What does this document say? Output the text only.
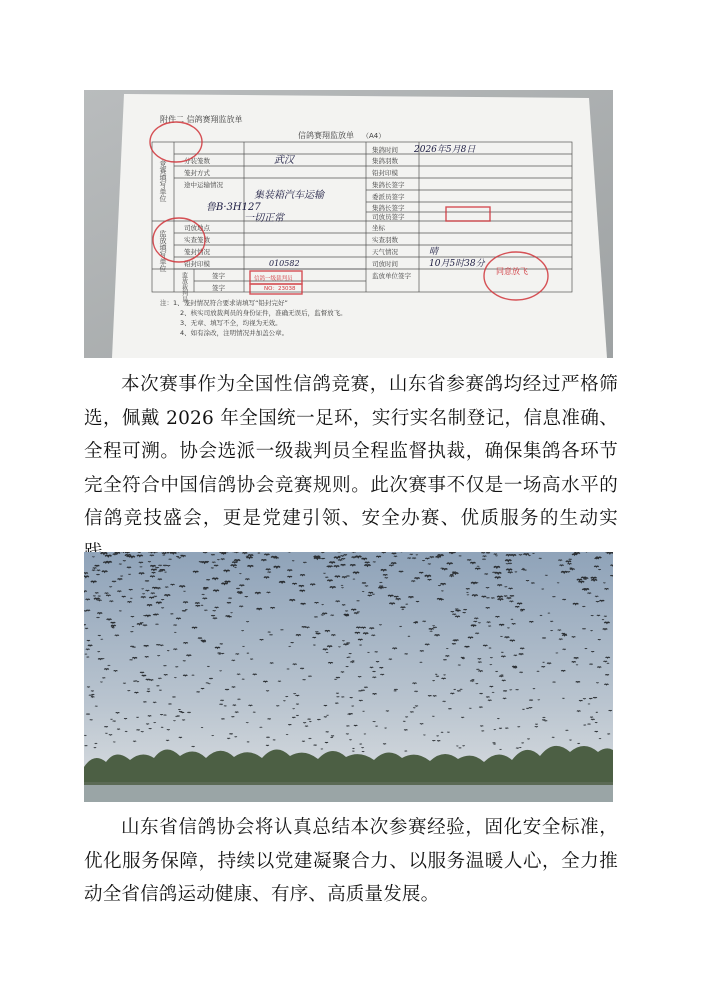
附件二 信鸽赛翔监放单
信鸽赛翔监放单 （A4）
竞赛填写单位
监放填写单位
监放裁判员
分装笼数
笼封方式
途中运输情况
集鸽时间
集鸽羽数
铅封印模
集鸽长签字
委派员签字
集鸽长签字
司放员签字
司放地点
实查笼数
笼封情况
铅封印模
坐标
实查羽数
天气情况
司放时间
监放单位签字
签字
签字
2026年5月8日
武汉
集装箱汽车运输
鲁B·3H127
一切正常
10月5时38分
晴
010582
同意放飞
信鸽一级裁判员
NO：23038
注：1、笼封情况符合要求请填写“铅封完好”
2、核实司放裁判员的身份证件，准确无误后，监督放飞。
3、无章、填写不全，均视为无效。
4、如有涂改，注明情况并加盖公章。

本次赛事作为全国性信鸽竞赛，山东省参赛鸽均经过严格筛选，佩戴 2026 年全国统一足环，实行实名制登记，信息准确、全程可溯。协会选派一级裁判员全程监督执裁，确保集鸽各环节完全符合中国信鸽协会竞赛规则。此次赛事不仅是一场高水平的信鸽竞技盛会，更是党建引领、安全办赛、优质服务的生动实

山东省信鸽协会将认真总结本次参赛经验，固化安全标准，优化服务保障，持续以党建凝聚合力、以服务温暖人心，全力推动全省信鸽运动健康、有序、高质量发展。
